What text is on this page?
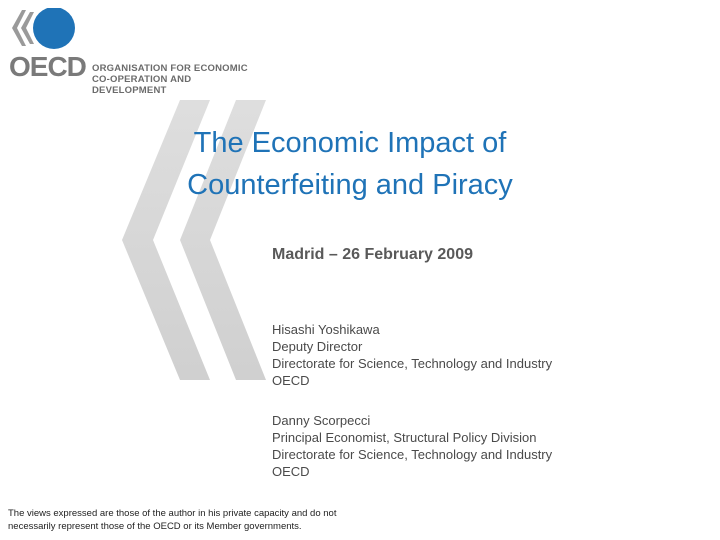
OECD ORGANISATION FOR ECONOMIC
CO-OPERATION AND DEVELOPMENT
The Economic Impact of
Counterfeiting and Piracy
Madrid – 26 February 2009
Hisashi Yoshikawa
Deputy Director
Directorate for Science, Technology and Industry
OECD
Danny Scorpecci
Principal Economist, Structural Policy Division
Directorate for Science, Technology and Industry
OECD
The views expressed are those of the author in his private capacity and do not
necessarily represent those of the OECD or its Member governments.
